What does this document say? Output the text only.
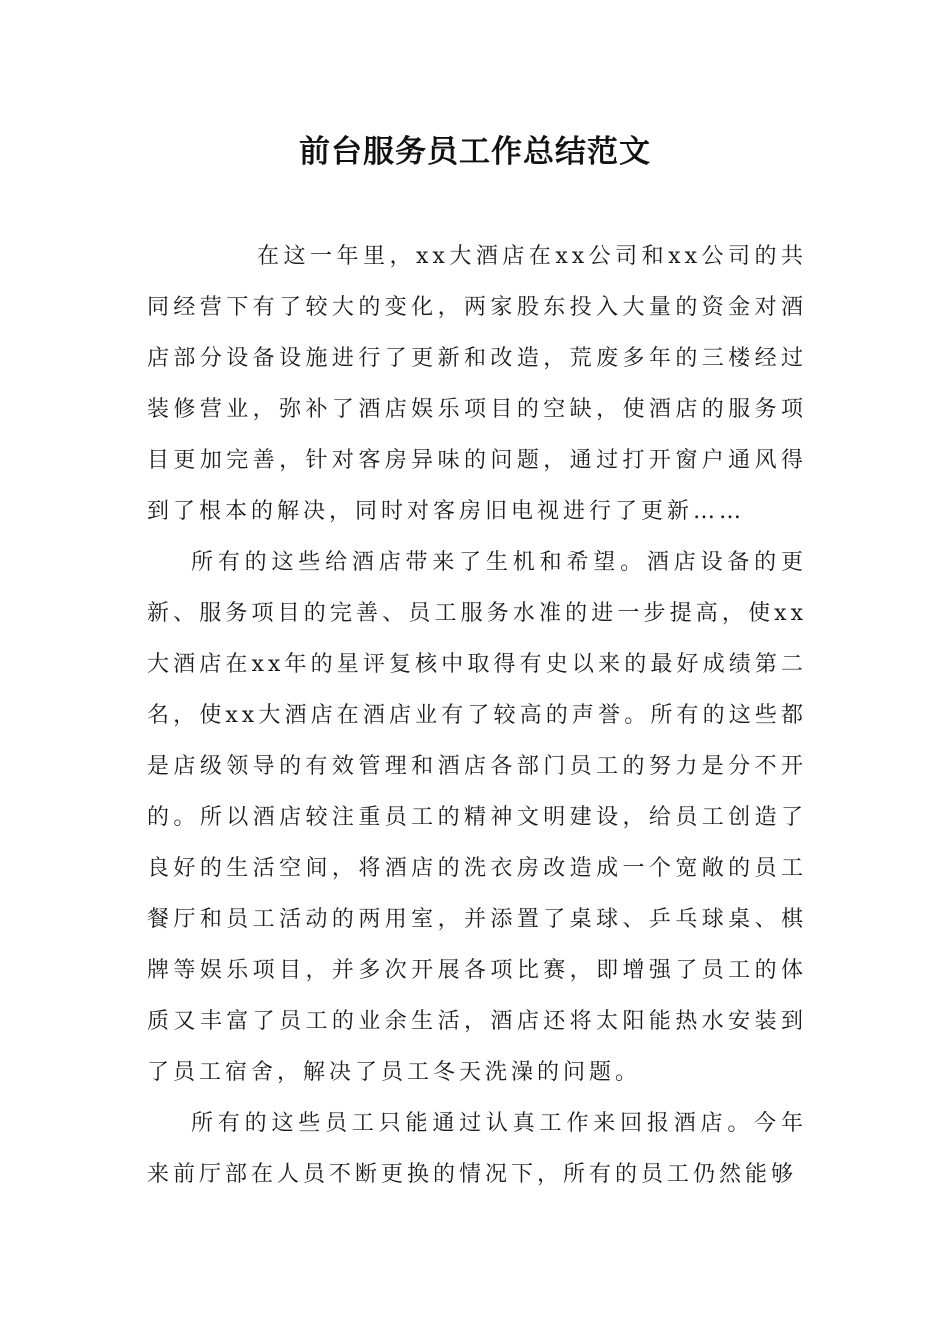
前台服务员工作总结范文

在这一年里，xx大酒店在xx公司和xx公司的共同经营下有了较大的变化，两家股东投入大量的资金对酒店部分设备设施进行了更新和改造，荒废多年的三楼经过装修营业，弥补了酒店娱乐项目的空缺，使酒店的服务项目更加完善，针对客房异味的问题，通过打开窗户通风得到了根本的解决，同时对客房旧电视进行了更新……

所有的这些给酒店带来了生机和希望。酒店设备的更新、服务项目的完善、员工服务水准的进一步提高，使xx大酒店在xx年的星评复核中取得有史以来的最好成绩第二名，使xx大酒店在酒店业有了较高的声誉。所有的这些都是店级领导的有效管理和酒店各部门员工的努力是分不开的。所以酒店较注重员工的精神文明建设，给员工创造了良好的生活空间，将酒店的洗衣房改造成一个宽敞的员工餐厅和员工活动的两用室，并添置了桌球、乒乓球桌、棋牌等娱乐项目，并多次开展各项比赛，即增强了员工的体质又丰富了员工的业余生活，酒店还将太阳能热水安装到了员工宿舍，解决了员工冬天洗澡的问题。

所有的这些员工只能通过认真工作来回报酒店。今年来前厅部在人员不断更换的情况下，所有的员工仍然能够
